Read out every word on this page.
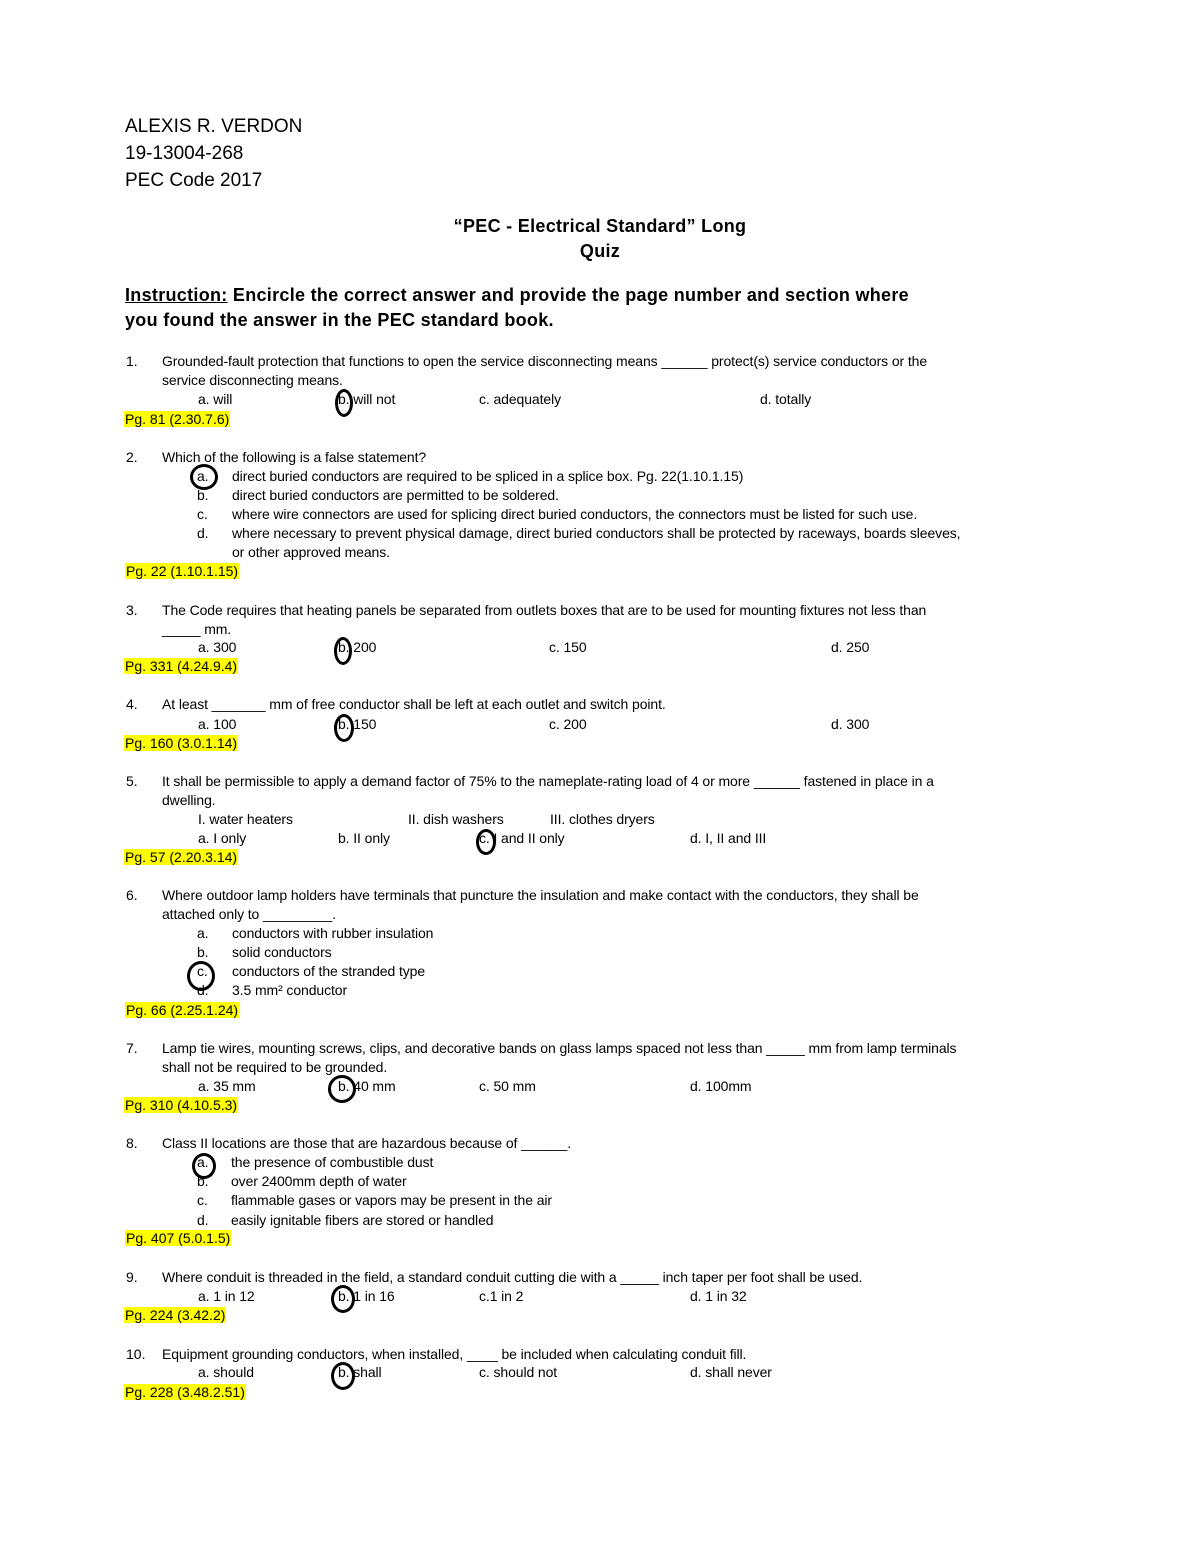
ALEXIS R. VERDON
19-13004-268
PEC Code 2017
“PEC - Electrical Standard” Long
Quiz
Instruction: Encircle the correct answer and provide the page number and section where
you found the answer in the PEC standard book.
1. Grounded-fault protection that functions to open the service disconnecting means ______ protect(s) service conductors or the
service disconnecting means.
a. will	b. will not	c. adequately	d. totally
Pg. 81 (2.30.7.6)
2. Which of the following is a false statement?
a. direct buried conductors are required to be spliced in a splice box. Pg. 22(1.10.1.15)
b. direct buried conductors are permitted to be soldered.
c. where wire connectors are used for splicing direct buried conductors, the connectors must be listed for such use.
d. where necessary to prevent physical damage, direct buried conductors shall be protected by raceways, boards sleeves,
or other approved means.
Pg. 22 (1.10.1.15)
3. The Code requires that heating panels be separated from outlets boxes that are to be used for mounting fixtures not less than
_____ mm.
a. 300	b. 200	c. 150	d. 250
Pg. 331 (4.24.9.4)
4. At least _______ mm of free conductor shall be left at each outlet and switch point.
a. 100	b. 150	c. 200	d. 300
Pg. 160 (3.0.1.14)
5. It shall be permissible to apply a demand factor of 75% to the nameplate-rating load of 4 or more ______ fastened in place in a
dwelling.
I. water heaters	II. dish washers	III. clothes dryers
a. I only	b. II only	c. I and II only	d. I, II and III
Pg. 57 (2.20.3.14)
6. Where outdoor lamp holders have terminals that puncture the insulation and make contact with the conductors, they shall be
attached only to _________.
a. conductors with rubber insulation
b. solid conductors
c. conductors of the stranded type
d. 3.5 mm² conductor
Pg. 66 (2.25.1.24)
7. Lamp tie wires, mounting screws, clips, and decorative bands on glass lamps spaced not less than _____ mm from lamp terminals
shall not be required to be grounded.
a. 35 mm	b. 40 mm	c. 50 mm	d. 100mm
Pg. 310 (4.10.5.3)
8. Class II locations are those that are hazardous because of ______.
a. the presence of combustible dust
b. over 2400mm depth of water
c. flammable gases or vapors may be present in the air
d. easily ignitable fibers are stored or handled
Pg. 407 (5.0.1.5)
9. Where conduit is threaded in the field, a standard conduit cutting die with a _____ inch taper per foot shall be used.
a. 1 in 12	b. 1 in 16	c.1 in 2	d. 1 in 32
Pg. 224 (3.42.2)
10. Equipment grounding conductors, when installed, ____ be included when calculating conduit fill.
a. should	b. shall	c. should not	d. shall never
Pg. 228 (3.48.2.51)
